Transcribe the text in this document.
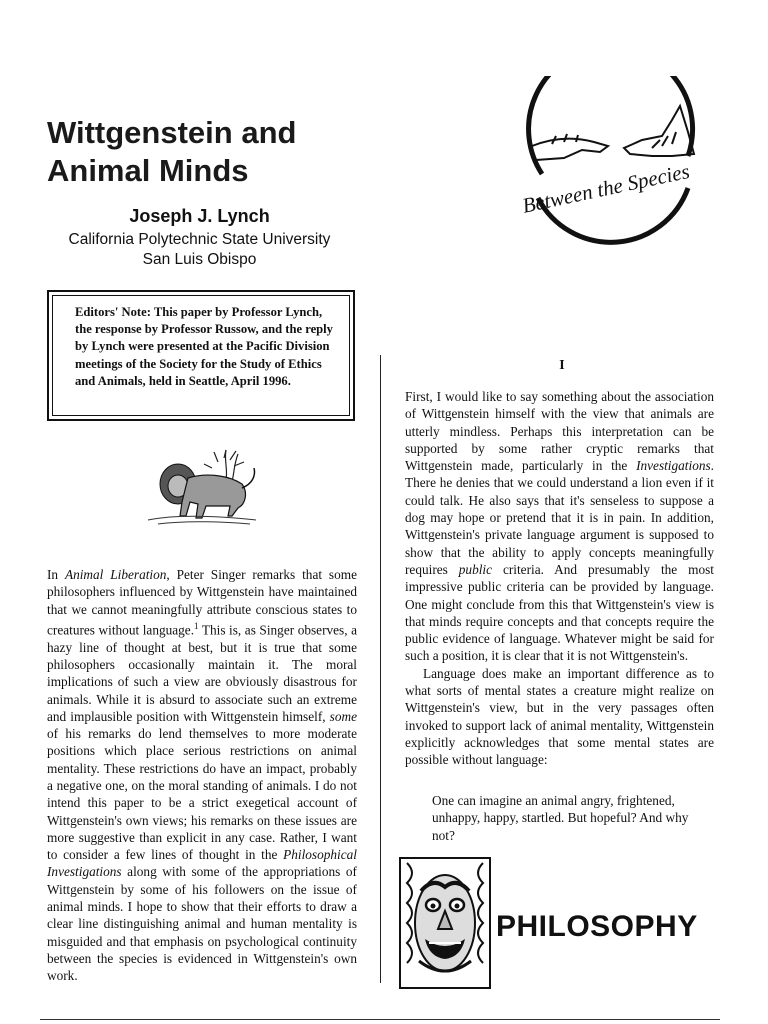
Wittgenstein and Animal Minds
Joseph J. Lynch
California Polytechnic State University
San Luis Obispo
Between the Species
Editors' Note: This paper by Professor Lynch, the response by Professor Russow, and the reply by Lynch were presented at the Pacific Division meetings of the Society for the Study of Ethics and Animals, held in Seattle, April 1996.

In Animal Liberation, Peter Singer remarks that some philosophers influenced by Wittgenstein have maintained that we cannot meaningfully attribute conscious states to creatures without language.$^1$ This is, as Singer observes, a hazy line of thought at best, but it is true that some philosophers occasionally maintain it. The moral implications of such a view are obviously disastrous for animals. While it is absurd to associate such an extreme and implausible position with Wittgenstein himself, some of his remarks do lend themselves to more moderate positions which place serious restrictions on animal mentality. These restrictions do have an impact, probably a negative one, on the moral standing of animals. I do not intend this paper to be a strict exegetical account of Wittgenstein's own views; his remarks on these issues are more suggestive than explicit in any case. Rather, I want to consider a few lines of thought in the Philosophical Investigations along with some of the appropriations of Wittgenstein by some of his followers on the issue of animal minds. I hope to show that their efforts to draw a clear line distinguishing animal and human mentality is misguided and that emphasis on psychological continuity between the species is evidenced in Wittgenstein's own work.

I

First, I would like to say something about the association of Wittgenstein himself with the view that animals are utterly mindless. Perhaps this interpretation can be supported by some rather cryptic remarks that Wittgenstein made, particularly in the Investigations. There he denies that we could understand a lion even if it could talk. He also says that it's senseless to suppose a dog may hope or pretend that it is in pain. In addition, Wittgenstein's private language argument is supposed to show that the ability to apply concepts meaningfully requires public criteria. And presumably the most impressive public criteria can be provided by language. One might conclude from this that Wittgenstein's view is that minds require concepts and that concepts require the public evidence of language. Whatever might be said for such a position, it is clear that it is not Wittgenstein's.

Language does make an important difference as to what sorts of mental states a creature might realize on Wittgenstein's view, but in the very passages often invoked to support lack of animal mentality, Wittgenstein explicitly acknowledges that some mental states are possible without language:

One can imagine an animal angry, frightened, unhappy, happy, startled. But hopeful? And why not?
PHILOSOPHY
